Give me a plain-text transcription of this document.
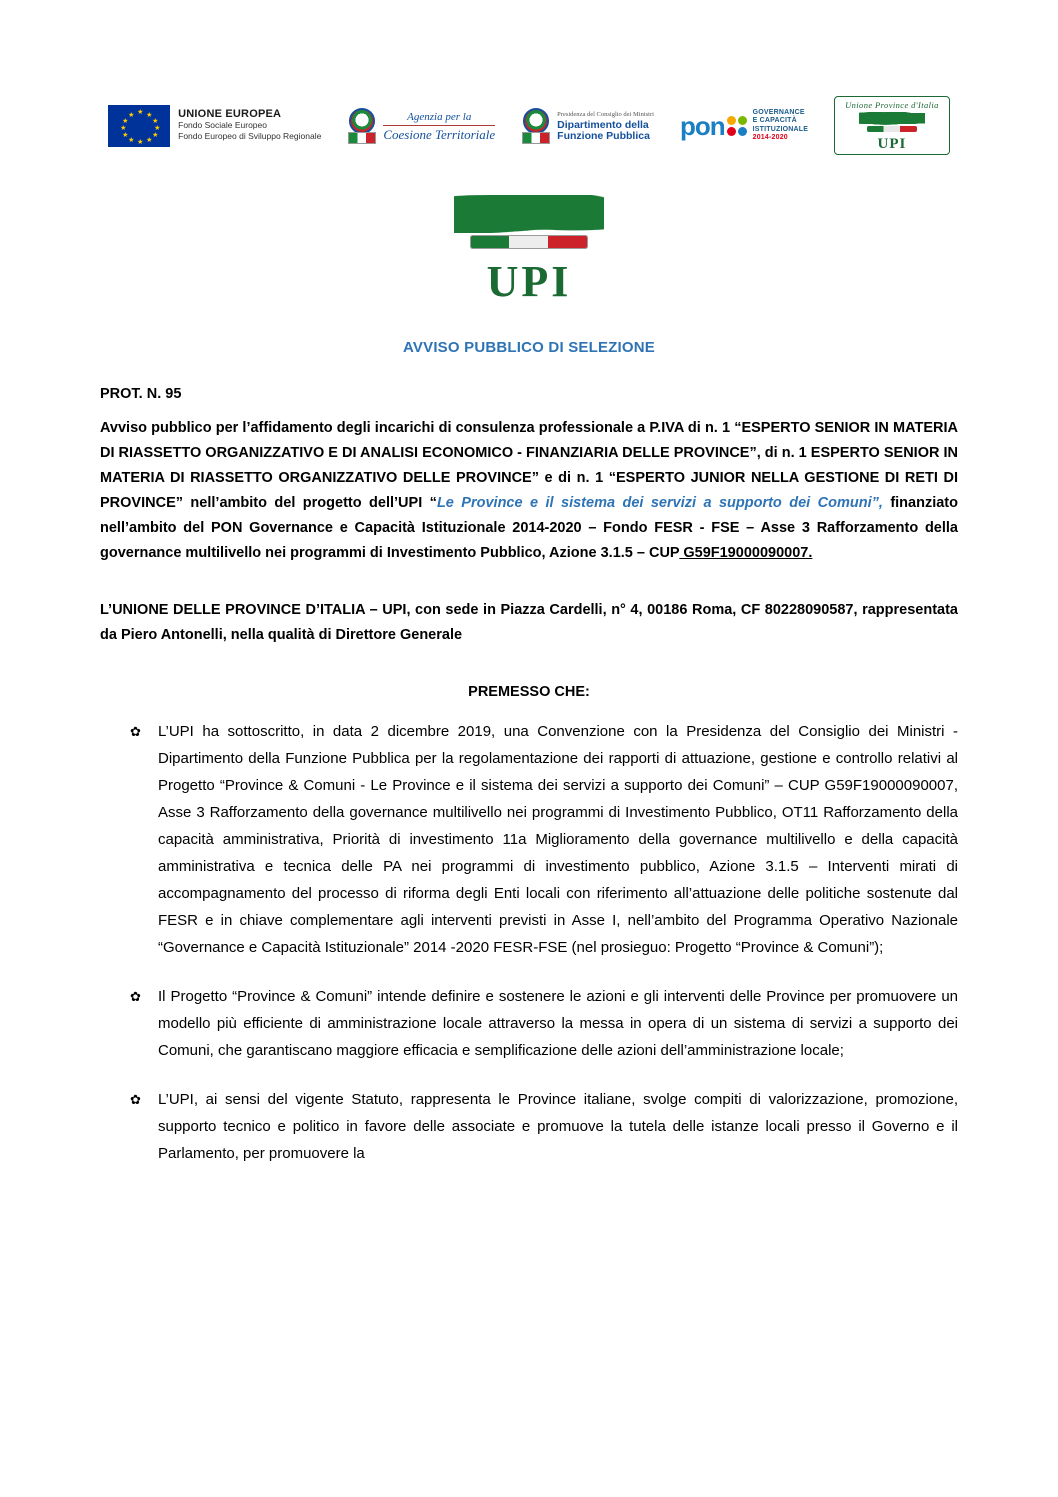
★ ★
★
★
★
★
★
★
★
★
★
★	UNIONE EUROPEA
Fondo Sociale Europeo
Fondo Europeo di Sviluppo Regionale
Agenzia per la
Coesione Territoriale
Presidenza del Consiglio dei Ministri
Dipartimento della
Funzione Pubblica pon	GOVERNANCE
E CAPACITÀ
ISTITUZIONALE
2014-2020
Unione Province d'Italia
UPI
UPI
AVVISO PUBBLICO DI SELEZIONE
PROT. N. 95

Avviso pubblico per l’affidamento degli incarichi di consulenza professionale a P.IVA di n. 1 “ESPERTO SENIOR IN MATERIA DI RIASSETTO ORGANIZZATIVO E DI ANALISI ECONOMICO - FINANZIARIA DELLE PROVINCE”, di n. 1 ESPERTO SENIOR IN MATERIA DI RIASSETTO ORGANIZZATIVO DELLE PROVINCE” e di n. 1 “ESPERTO JUNIOR NELLA GESTIONE DI RETI DI PROVINCE” nell’ambito del progetto dell’UPI “Le Province e il sistema dei servizi a supporto dei Comuni”, finanziato nell’ambito del PON Governance e Capacità Istituzionale 2014-2020 – Fondo FESR - FSE – Asse 3 Rafforzamento della governance multilivello nei programmi di Investimento Pubblico, Azione 3.1.5 – CUP G59F19000090007.

L’UNIONE DELLE PROVINCE D’ITALIA – UPI, con sede in Piazza Cardelli, n° 4, 00186 Roma, CF 80228090587, rappresentata da Piero Antonelli, nella qualità di Direttore Generale

PREMESSO CHE:
✿ L’UPI ha sottoscritto, in data 2 dicembre 2019, una Convenzione con la Presidenza del Consiglio dei Ministri - Dipartimento della Funzione Pubblica per la regolamentazione dei rapporti di attuazione, gestione e controllo relativi al Progetto “Province & Comuni - Le Province e il sistema dei servizi a supporto dei Comuni” – CUP G59F19000090007, Asse 3 Rafforzamento della governance multilivello nei programmi di Investimento Pubblico, OT11 Rafforzamento della capacità amministrativa, Priorità di investimento 11a Miglioramento della governance multilivello e della capacità amministrativa e tecnica delle PA nei programmi di investimento pubblico, Azione 3.1.5 – Interventi mirati di accompagnamento del processo di riforma degli Enti locali con riferimento all’attuazione delle politiche sostenute dal FESR e in chiave complementare agli interventi previsti in Asse I, nell’ambito del Programma Operativo Nazionale “Governance e Capacità Istituzionale” 2014 -2020 FESR-FSE (nel prosieguo: Progetto “Province & Comuni”);
✿ Il Progetto “Province & Comuni” intende definire e sostenere le azioni e gli interventi delle Province per promuovere un modello più efficiente di amministrazione locale attraverso la messa in opera di un sistema di servizi a supporto dei Comuni, che garantiscano maggiore efficacia e semplificazione delle azioni dell’amministrazione locale;
✿ L’UPI, ai sensi del vigente Statuto, rappresenta le Province italiane, svolge compiti di valorizzazione, promozione, supporto tecnico e politico in favore delle associate e promuove la tutela delle istanze locali presso il Governo e il Parlamento, per promuovere la
